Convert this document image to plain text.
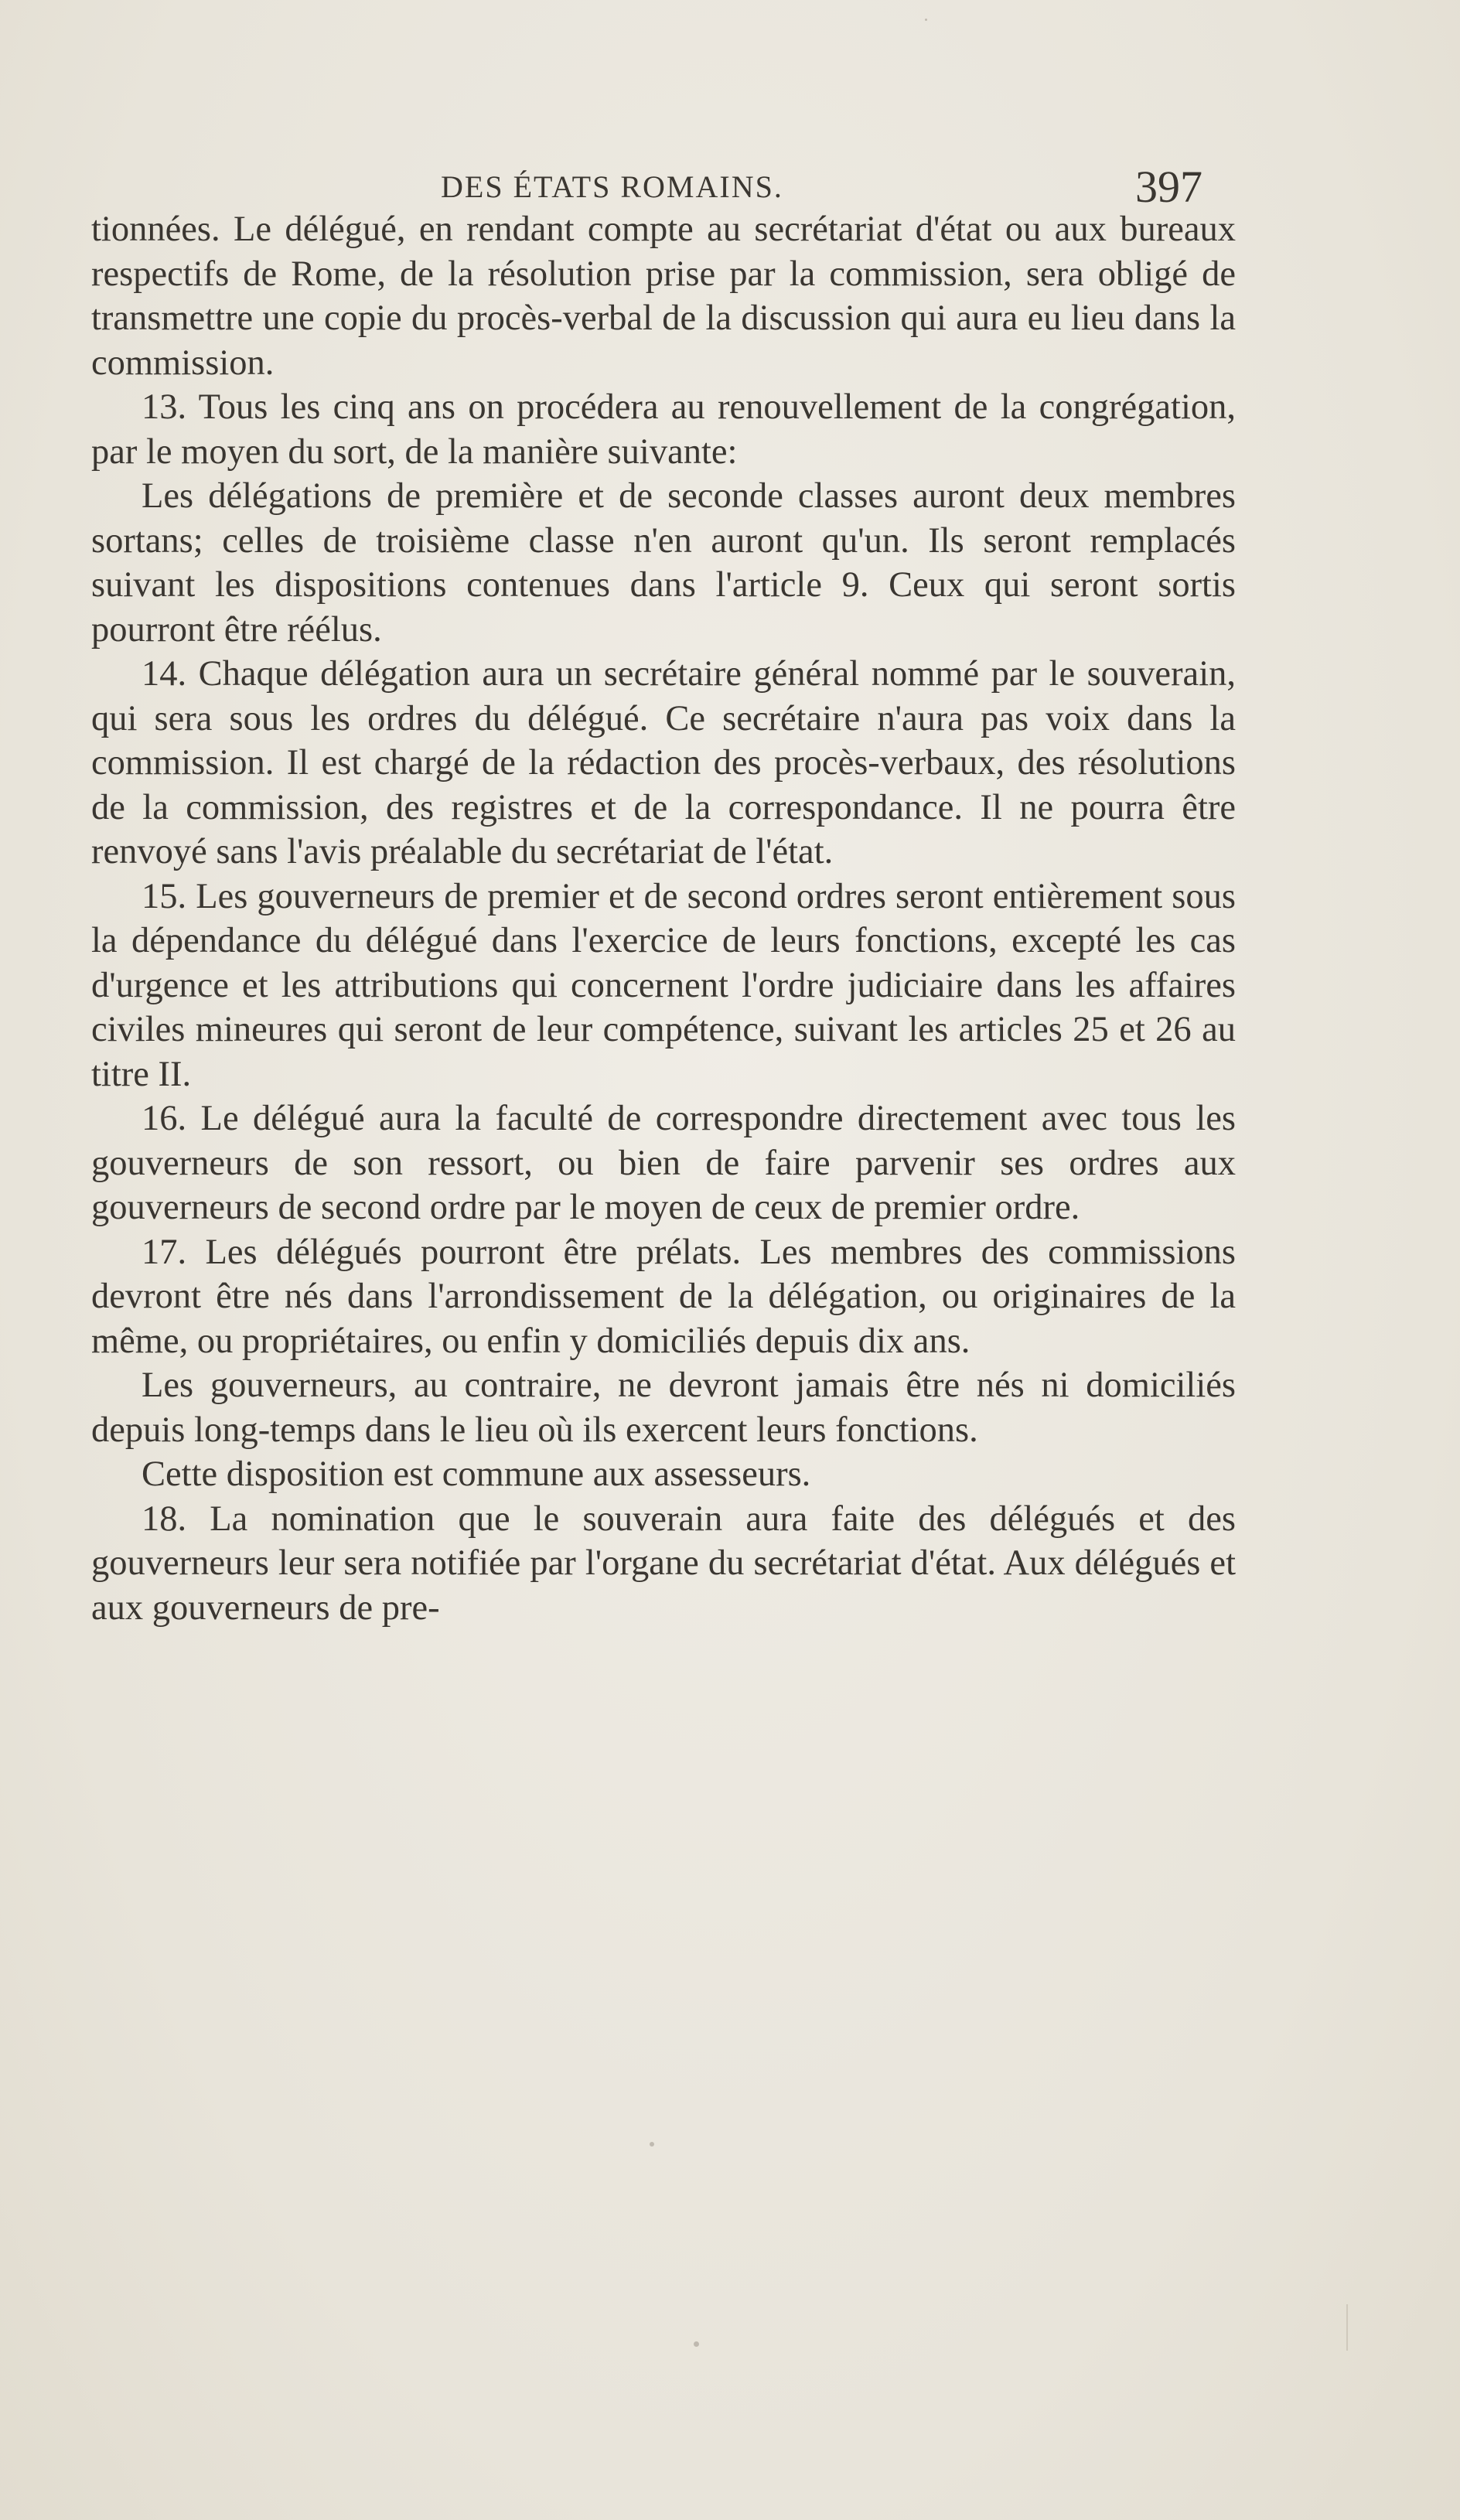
DES ÉTATS ROMAINS.	397

tionnées. Le délégué, en rendant compte au secrétariat d'état ou aux bureaux respectifs de Rome, de la résolution prise par la commission, sera obligé de transmettre une copie du procès-verbal de la discussion qui aura eu lieu dans la commission.

13. Tous les cinq ans on procédera au renouvellement de la congrégation, par le moyen du sort, de la manière suivante:

Les délégations de première et de seconde classes auront deux membres sortans; celles de troisième classe n'en auront qu'un. Ils seront remplacés suivant les dispositions contenues dans l'article 9. Ceux qui seront sortis pourront être réélus.

14. Chaque délégation aura un secrétaire général nommé par le souverain, qui sera sous les ordres du délégué. Ce secrétaire n'aura pas voix dans la commission. Il est chargé de la rédaction des procès-verbaux, des résolutions de la commission, des registres et de la correspondance. Il ne pourra être renvoyé sans l'avis préalable du secrétariat de l'état.

15. Les gouverneurs de premier et de second ordres seront entièrement sous la dépendance du délégué dans l'exercice de leurs fonctions, excepté les cas d'urgence et les attributions qui concernent l'ordre judiciaire dans les affaires civiles mineures qui seront de leur compétence, suivant les articles 25 et 26 au titre II.

16. Le délégué aura la faculté de correspondre directement avec tous les gouverneurs de son ressort, ou bien de faire parvenir ses ordres aux gouverneurs de second ordre par le moyen de ceux de premier ordre.

17. Les délégués pourront être prélats. Les membres des commissions devront être nés dans l'arrondissement de la délégation, ou originaires de la même, ou propriétaires, ou enfin y domiciliés depuis dix ans.

Les gouverneurs, au contraire, ne devront jamais être nés ni domiciliés depuis long-temps dans le lieu où ils exercent leurs fonctions.

Cette disposition est commune aux assesseurs.

18. La nomination que le souverain aura faite des délégués et des gouverneurs leur sera notifiée par l'organe du secrétariat d'état. Aux délégués et aux gouverneurs de pre-
